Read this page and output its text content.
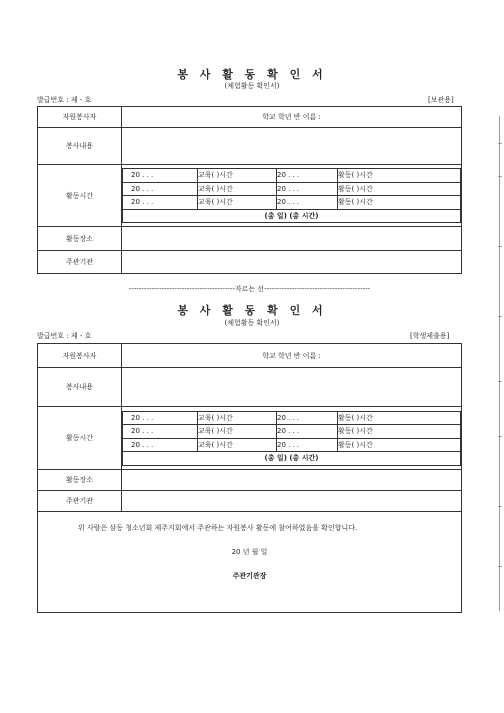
봉 사 활 동 확 인 서
(체험활동 확인서)
발급번호 : 제 - 호	[보관용]
자원봉사자	학교 학년 반 이름 :
봉사내용	
활동시간	
20 . . .	교육( )시간	20 . . .	활동( )시간
20 . . .	교육( )시간	20 . . .	활동( )시간
20 . . .	교육( )시간	20 . . .	활동( )시간
(총 일) (총 시간)

활동장소	
주관기관	
------------------------------------------자르는 선------------------------------------------
봉 사 활 동 확 인 서
(체험활동 확인서)
발급번호 : 제 - 호	[학생제출용]
자원봉사자	학교 학년 반 이름 :
봉사내용	
활동시간	
20 . . .	교육( )시간	20 . . .	활동( )시간
20 . . .	교육( )시간	20 . . .	활동( )시간
20 . . .	교육( )시간	20 . . .	활동( )시간
(총 일) (총 시간)

활동장소	
주관기관	

위 사람은 삼동 청소년회 제주지회에서 주관하는 자원봉사 활동에 참여하였음을 확인합니다.
20 년 월 일
주관기관장
